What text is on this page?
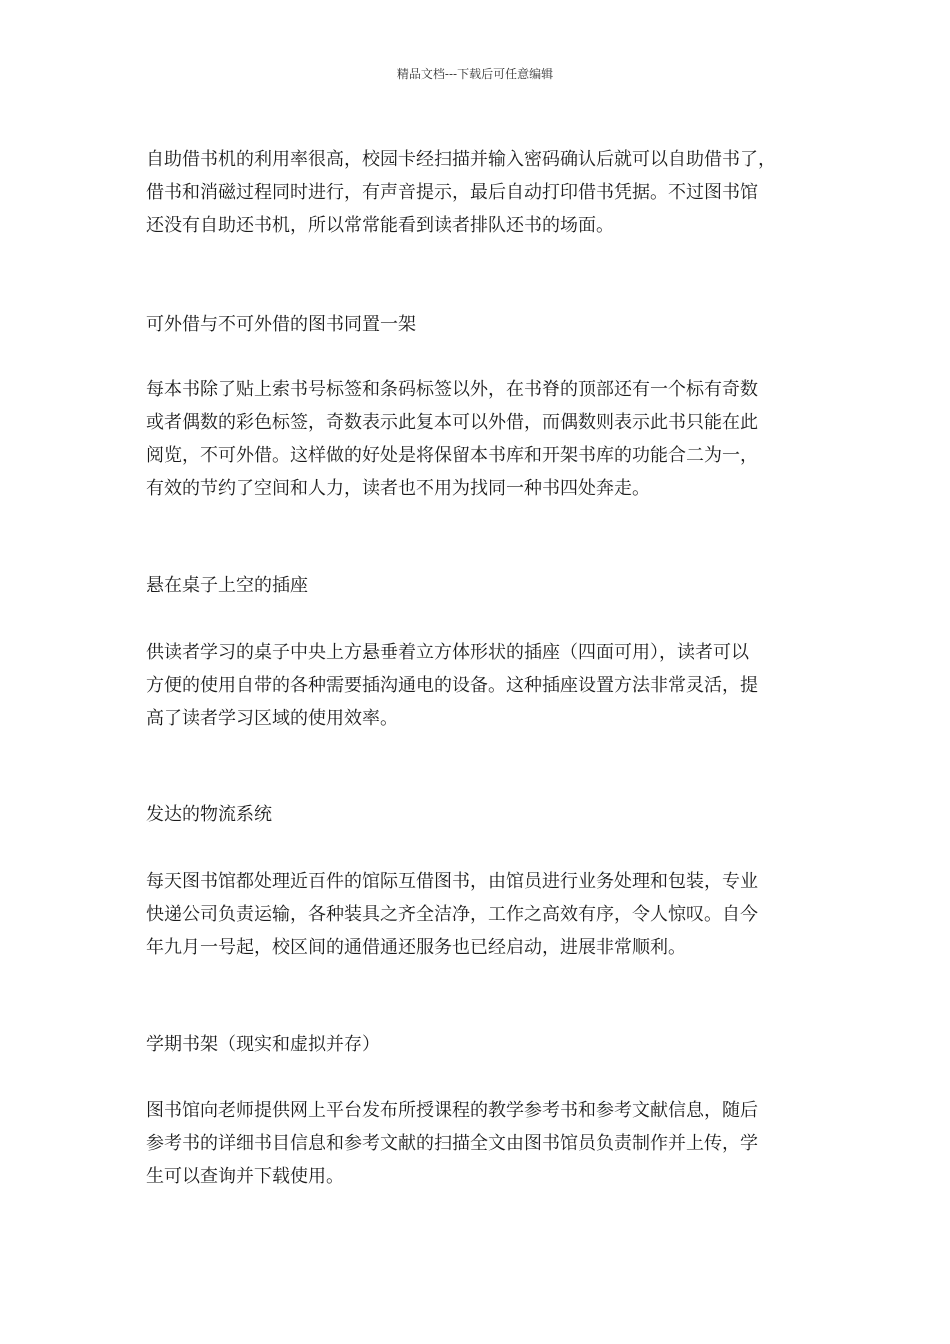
精品文档---下载后可任意编辑

自助借书机的利用率很高，校园卡经扫描并输入密码确认后就可以自助借书了，
借书和消磁过程同时进行，有声音提示，最后自动打印借书凭据。不过图书馆
还没有自助还书机，所以常常能看到读者排队还书的场面。

可外借与不可外借的图书同置一架

每本书除了贴上索书号标签和条码标签以外，在书脊的顶部还有一个标有奇数
或者偶数的彩色标签，奇数表示此复本可以外借，而偶数则表示此书只能在此
阅览，不可外借。这样做的好处是将保留本书库和开架书库的功能合二为一，
有效的节约了空间和人力，读者也不用为找同一种书四处奔走。

悬在桌子上空的插座

供读者学习的桌子中央上方悬垂着立方体形状的插座（四面可用），读者可以
方便的使用自带的各种需要插沟通电的设备。这种插座设置方法非常灵活，提
高了读者学习区域的使用效率。

发达的物流系统

每天图书馆都处理近百件的馆际互借图书，由馆员进行业务处理和包装，专业
快递公司负责运输，各种装具之齐全洁净，工作之高效有序，令人惊叹。自今
年九月一号起，校区间的通借通还服务也已经启动，进展非常顺利。

学期书架（现实和虚拟并存）

图书馆向老师提供网上平台发布所授课程的教学参考书和参考文献信息，随后
参考书的详细书目信息和参考文献的扫描全文由图书馆员负责制作并上传，学
生可以查询并下载使用。
